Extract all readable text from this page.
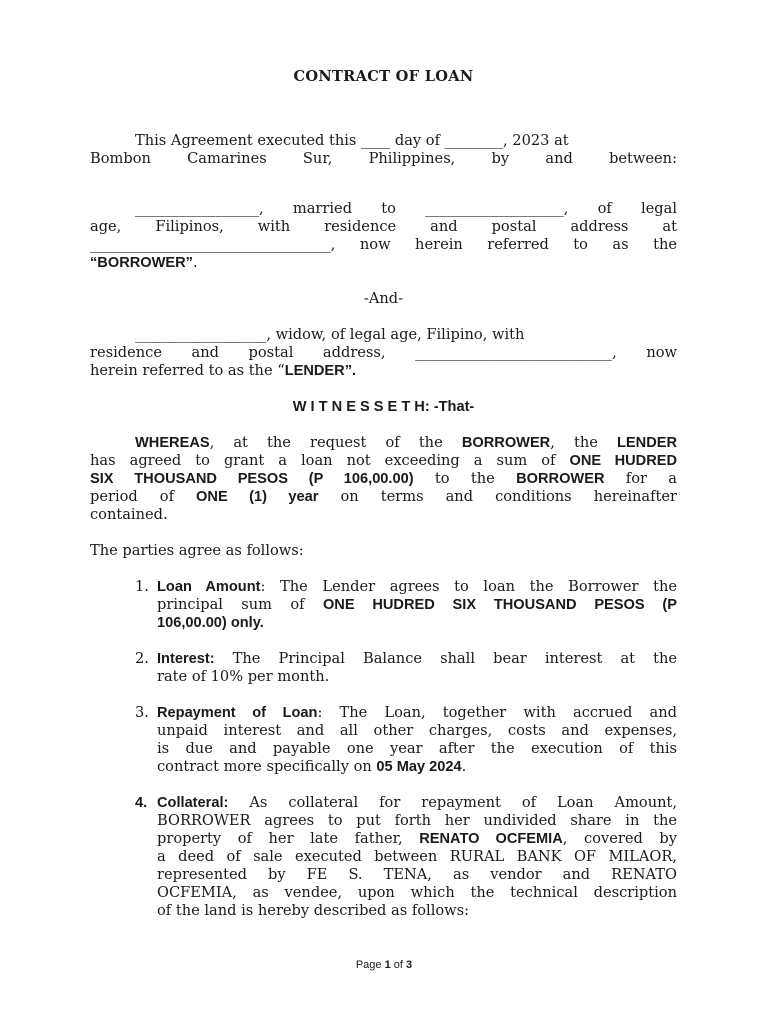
CONTRACT OF LOAN
This Agreement executed this ____ day of ________, 2023 at
Bombon Camarines Sur, Philippines, by and between:
_________________, married to ___________________, of legal
age, Filipinos, with residence and postal address at
_________________________________, now herein referred to as the
“BORROWER”.
-And-
__________________, widow, of legal age, Filipino, with
residence and postal address, ___________________________, now
herein referred to as the “LENDER”.
W I T N E S S E T H: -That-
WHEREAS, at the request of the BORROWER, the LENDER
has agreed to grant a loan not exceeding a sum of ONE HUDRED
SIX THOUSAND PESOS (P 106,00.00) to the BORROWER for a
period of ONE (1) year on terms and conditions hereinafter
contained.
The parties agree as follows:
1. Loan Amount: The Lender agrees to loan the Borrower the
principal sum of ONE HUDRED SIX THOUSAND PESOS (P
106,00.00) only.
2. Interest: The Principal Balance shall bear interest at the
rate of 10% per month.
3. Repayment of Loan: The Loan, together with accrued and
unpaid interest and all other charges, costs and expenses,
is due and payable one year after the execution of this
contract more specifically on 05 May 2024.
4. Collateral: As collateral for repayment of Loan Amount,
BORROWER agrees to put forth her undivided share in the
property of her late father, RENATO OCFEMIA, covered by
a deed of sale executed between RURAL BANK OF MILAOR,
represented by FE S. TENA, as vendor and RENATO
OCFEMIA, as vendee, upon which the technical description
of the land is hereby described as follows:
Page 1 of 3
